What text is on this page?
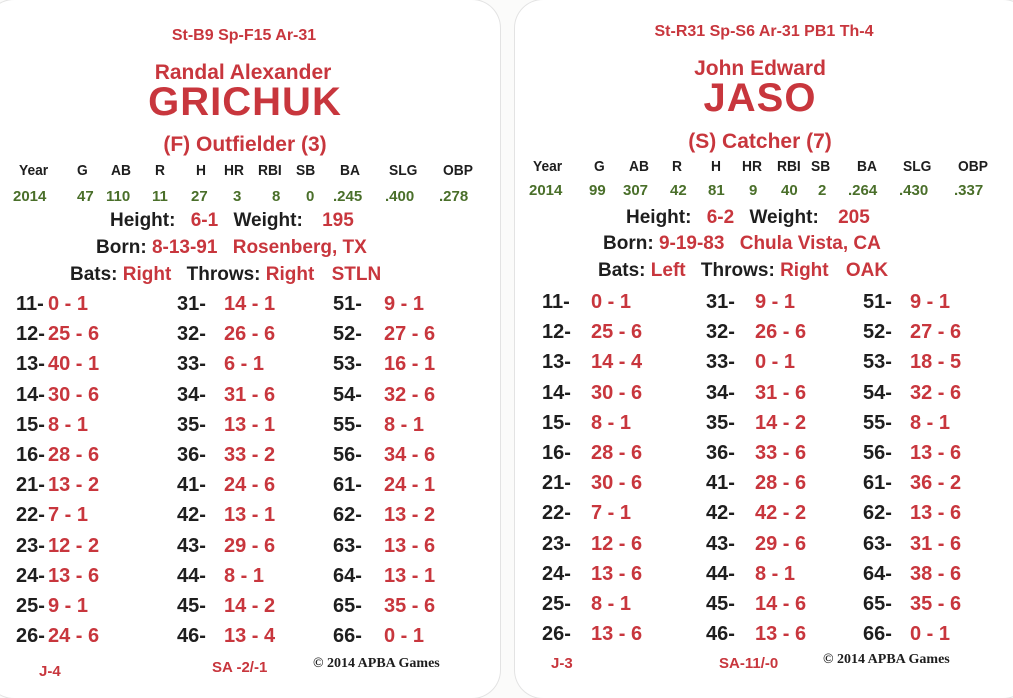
St-B9 Sp-F15 Ar-31
Randal Alexander
GRICHUK
(F) Outfielder (3)
Year G AB R H HR RBI SB BA SLG OBP
2014 47 110 11 27 3 8 0 .245 .400 .278
Height: 6-1 Weight: 195
Born: 8-13-91 Rosenberg, TX
Bats: Right Throws: Right STLN
11- 0 - 1
12- 25 - 6
13- 40 - 1
14- 30 - 6
15- 8 - 1
16- 28 - 6
21- 13 - 2
22- 7 - 1
23- 12 - 2
24- 13 - 6
25- 9 - 1
26- 24 - 6
31- 14 - 1
32- 26 - 6
33- 6 - 1
34- 31 - 6
35- 13 - 1
36- 33 - 2
41- 24 - 6
42- 13 - 1
43- 29 - 6
44- 8 - 1
45- 14 - 2
46- 13 - 4
51- 9 - 1
52- 27 - 6
53- 16 - 1
54- 32 - 6
55- 8 - 1
56- 34 - 6
61- 24 - 1
62- 13 - 2
63- 13 - 6
64- 13 - 1
65- 35 - 6
66- 0 - 1
J-4	SA -2/-1	© 2014 APBA Games
St-R31 Sp-S6 Ar-31 PB1 Th-4
John Edward
JASO
(S) Catcher (7)
Year G AB R H HR RBI SB BA SLG OBP
2014 99 307 42 81 9 40 2 .264 .430 .337
Height: 6-2 Weight: 205
Born: 9-19-83 Chula Vista, CA
Bats: Left Throws: Right OAK
11- 0 - 1
12- 25 - 6
13- 14 - 4
14- 30 - 6
15- 8 - 1
16- 28 - 6
21- 30 - 6
22- 7 - 1
23- 12 - 6
24- 13 - 6
25- 8 - 1
26- 13 - 6
31- 9 - 1
32- 26 - 6
33- 0 - 1
34- 31 - 6
35- 14 - 2
36- 33 - 6
41- 28 - 6
42- 42 - 2
43- 29 - 6
44- 8 - 1
45- 14 - 6
46- 13 - 6
51- 9 - 1
52- 27 - 6
53- 18 - 5
54- 32 - 6
55- 8 - 1
56- 13 - 6
61- 36 - 2
62- 13 - 6
63- 31 - 6
64- 38 - 6
65- 35 - 6
66- 0 - 1
J-3	SA-11/-0	© 2014 APBA Games
